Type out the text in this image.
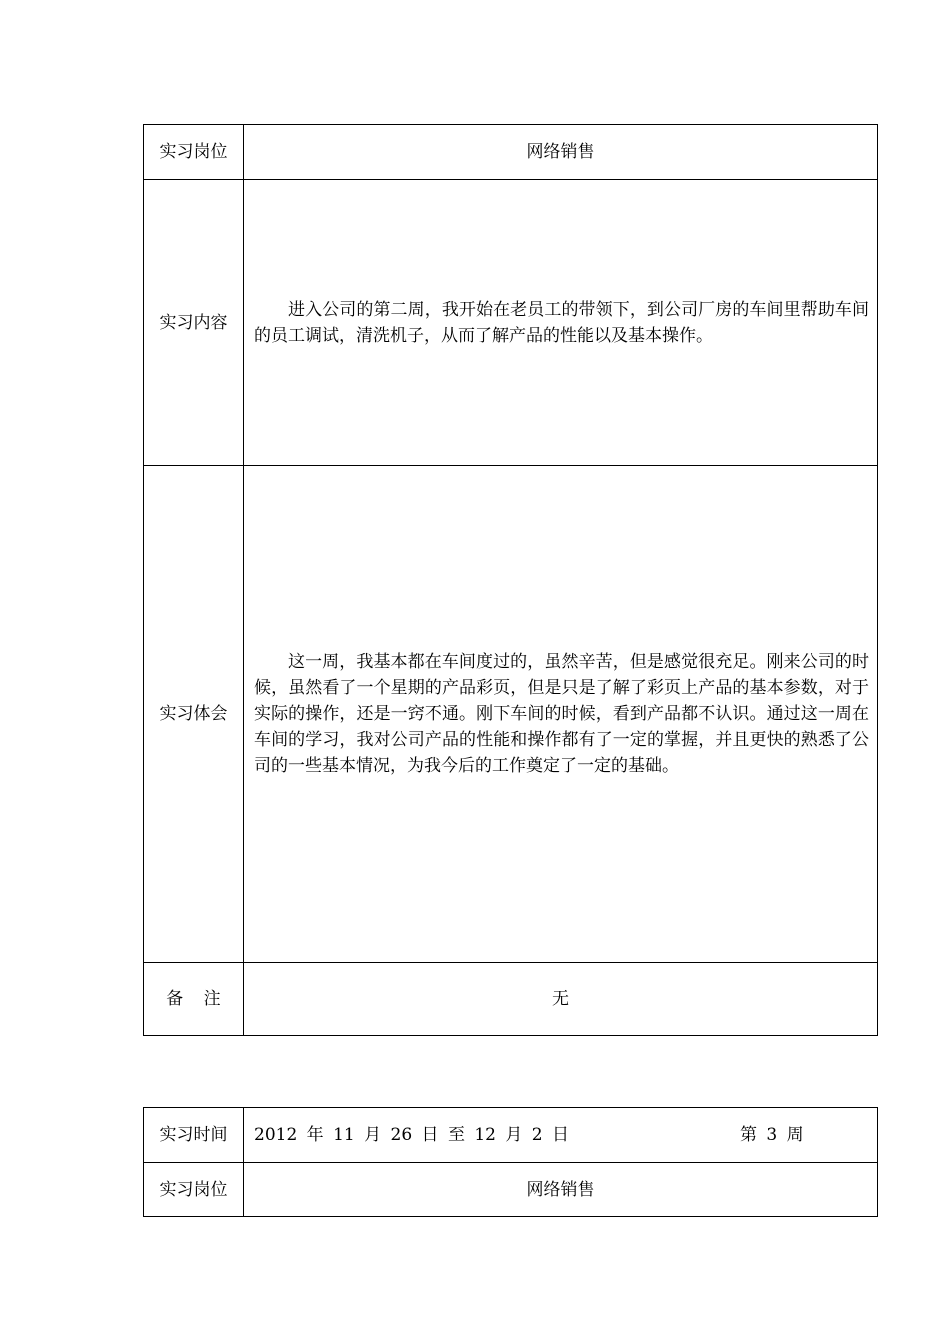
实习岗位	网络销售
实习内容	进入公司的第二周，我开始在老员工的带领下，到公司厂房的车间里帮助车间的员工调试，清洗机子，从而了解产品的性能以及基本操作。

实习体会	这一周，我基本都在车间度过的，虽然辛苦，但是感觉很充足。刚来公司的时候，虽然看了一个星期的产品彩页，但是只是了解了彩页上产品的基本参数，对于实际的操作，还是一窍不通。刚下车间的时候，看到产品都不认识。通过这一周在车间的学习，我对公司产品的性能和操作都有了一定的掌握，并且更快的熟悉了公司的一些基本情况，为我今后的工作奠定了一定的基础。

备注	无
实习时间	2012 年 11 月 26 日 至 12 月 2 日 第 3 周
实习岗位	网络销售
